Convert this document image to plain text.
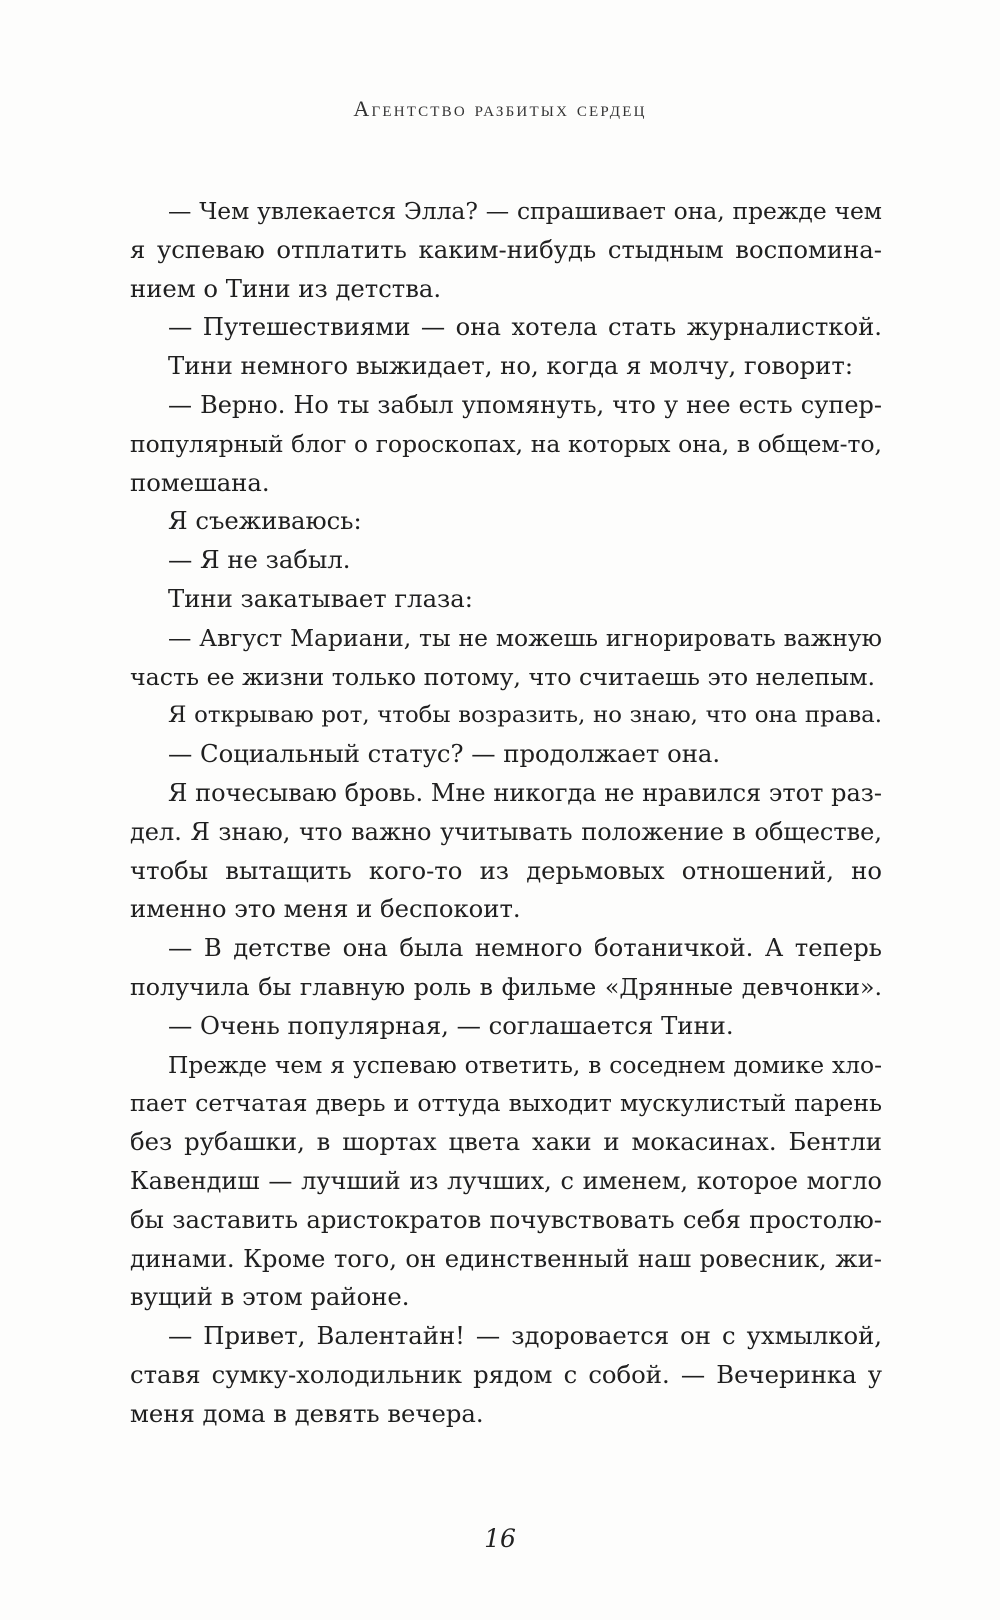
Агентство разбитых сердец
— Чем увлекается Элла? — спрашивает она, прежде чем
я успеваю отплатить каким-нибудь стыдным воспомина-
нием о Тини из детства.
— Путешествиями — она хотела стать журналисткой.
Тини немного выжидает, но, когда я молчу, говорит:
— Верно. Но ты забыл упомянуть, что у нее есть супер-
популярный блог о гороскопах, на которых она, в общем-то,
помешана.
Я съеживаюсь:
— Я не забыл.
Тини закатывает глаза:
— Август Мариани, ты не можешь игнорировать важную
часть ее жизни только потому, что считаешь это нелепым.
Я открываю рот, чтобы возразить, но знаю, что она права.
— Социальный статус? — продолжает она.
Я почесываю бровь. Мне никогда не нравился этот раз-
дел. Я знаю, что важно учитывать положение в обществе,
чтобы вытащить кого-то из дерьмовых отношений, но
именно это меня и беспокоит.
— В детстве она была немного ботаничкой. А теперь
получила бы главную роль в фильме «Дрянные девчонки».
— Очень популярная, — соглашается Тини.
Прежде чем я успеваю ответить, в соседнем домике хло-
пает сетчатая дверь и оттуда выходит мускулистый парень
без рубашки, в шортах цвета хаки и мокасинах. Бентли
Кавендиш — лучший из лучших, с именем, которое могло
бы заставить аристократов почувствовать себя простолю-
динами. Кроме того, он единственный наш ровесник, жи-
вущий в этом районе.
— Привет, Валентайн! — здоровается он с ухмылкой,
ставя сумку-холодильник рядом с собой. — Вечеринка у
меня дома в девять вечера.
16
